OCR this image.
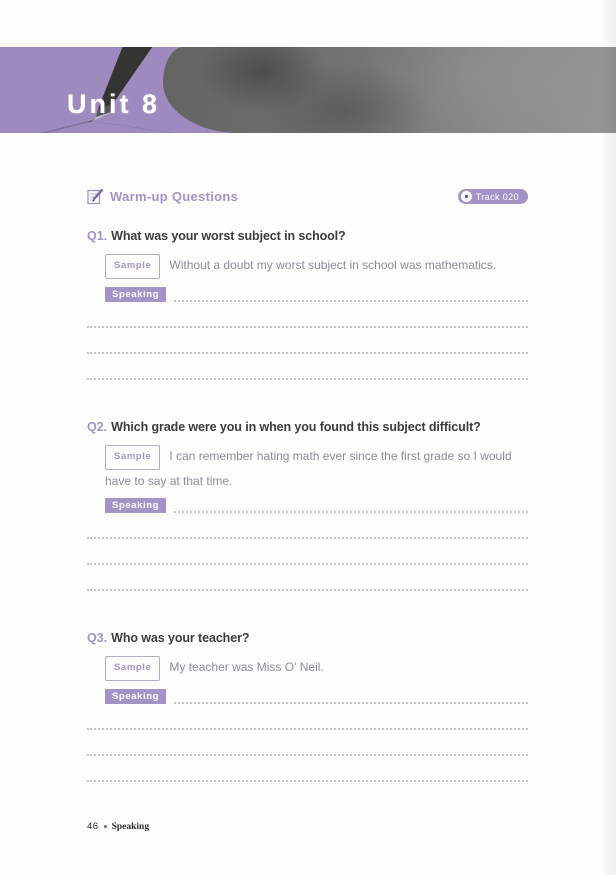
Unit 8
Warm-up Questions	Track 020
Q1. What was your worst subject in school?

Sample Without a doubt my worst subject in school was mathematics.

Speaking
Q2. Which grade were you in when you found this subject difficult?

Sample I can remember hating math ever since the first grade so I would have to say at that time.

Speaking
Q3. Who was your teacher?

Sample My teacher was Miss O' Neil.

Speaking
46 Speaking
